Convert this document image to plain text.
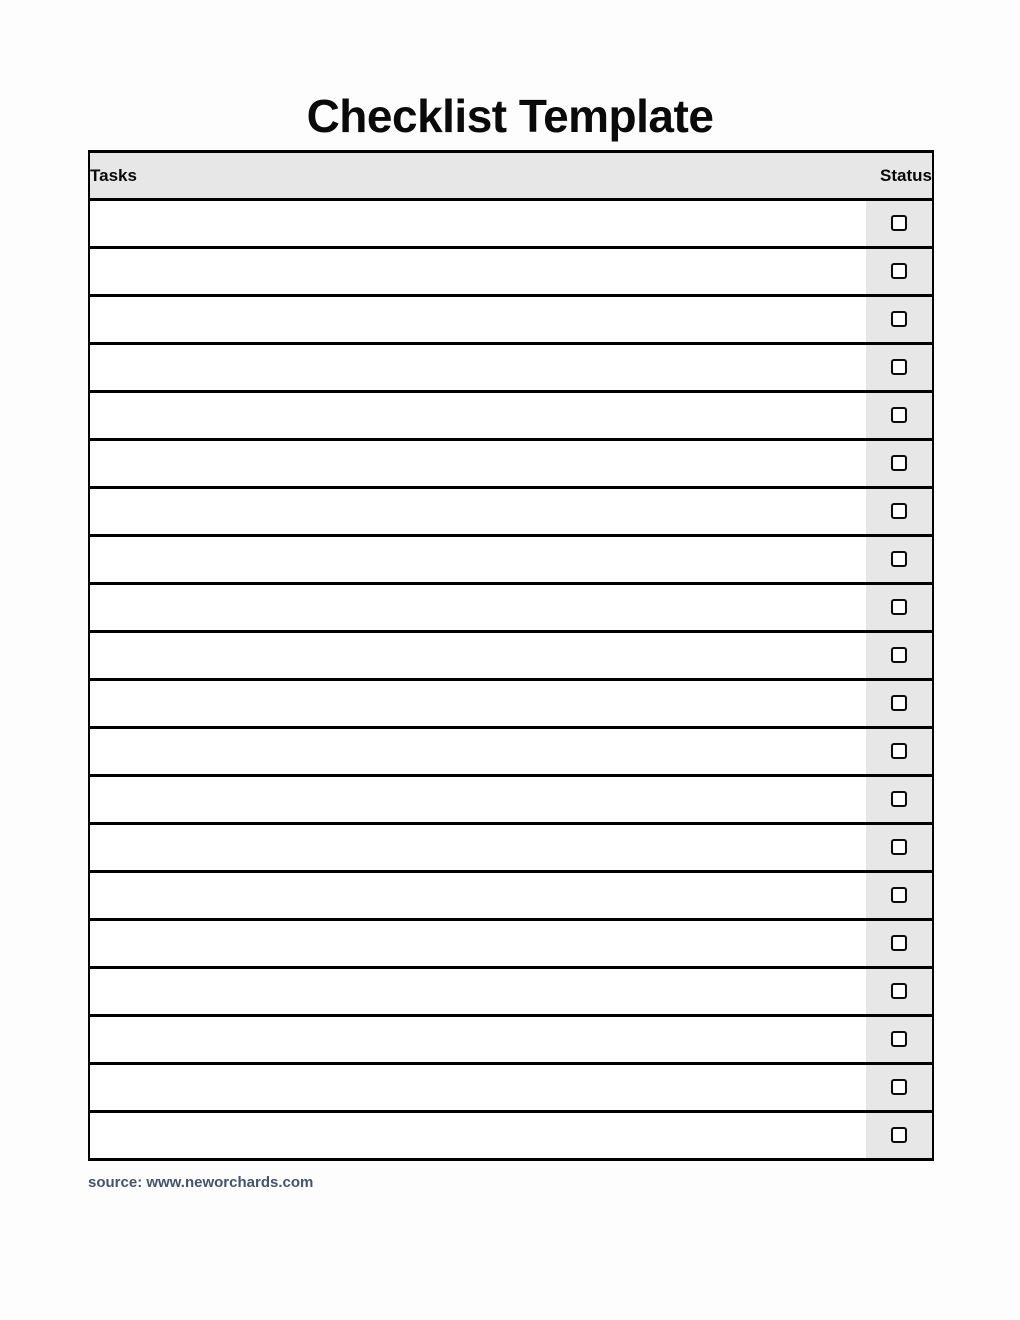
Checklist Template
Tasks	Status

source: www.neworchards.com
